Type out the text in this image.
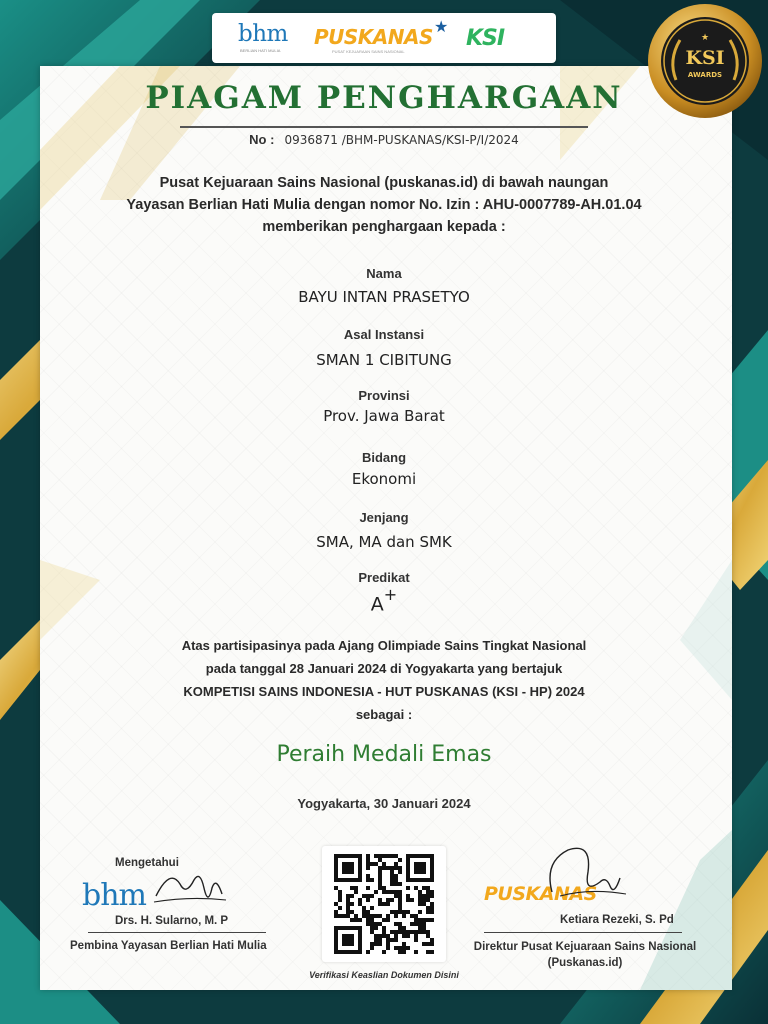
bhm
BERLIAN HATI MULIA
PUSKANAS
PUSAT KEJUARAAN SAINS NASIONAL
★ KSI
KSI
AWARDS
★
PIAGAM PENGHARGAAN
No : 0936871 /BHM-PUSKANAS/KSI-P/I/2024
Pusat Kejuaraan Sains Nasional (puskanas.id) di bawah naungan
Yayasan Berlian Hati Mulia dengan nomor No. Izin : AHU-0007789-AH.01.04
memberikan penghargaan kepada :
Nama
BAYU INTAN PRASETYO
Asal Instansi
SMAN 1 CIBITUNG
Provinsi
Prov. Jawa Barat
Bidang
Ekonomi
Jenjang
SMA, MA dan SMK
Predikat
A+
Atas partisipasinya pada Ajang Olimpiade Sains Tingkat Nasional
pada tanggal 28 Januari 2024 di Yogyakarta yang bertajuk
KOMPETISI SAINS INDONESIA - HUT PUSKANAS (KSI - HP) 2024
sebagai :
Peraih Medali Emas
Yogyakarta, 30 Januari 2024
Mengetahui
bhm
Drs. H. Sularno, M. P
Pembina Yayasan Berlian Hati Mulia
Verifikasi Keaslian Dokumen Disini
PUSKANAS
Ketiara Rezeki, S. Pd
Direktur Pusat Kejuaraan Sains Nasional
(Puskanas.id)
